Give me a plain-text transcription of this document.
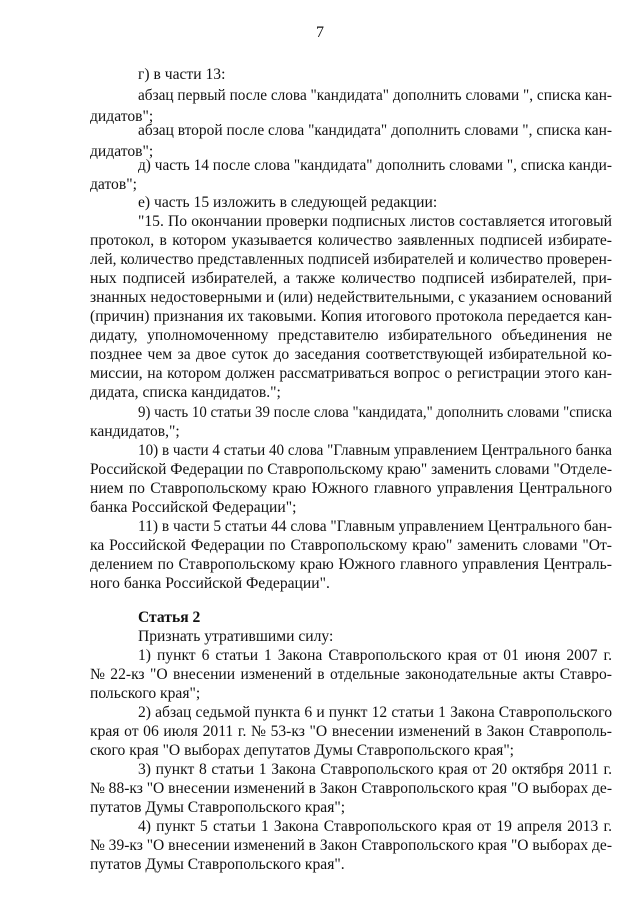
7
г) в части 13:
абзац первый после слова "кандидата" дополнить словами ", списка кан-
дидатов";
абзац второй после слова "кандидата" дополнить словами ", списка кан-
дидатов";
д) часть 14 после слова "кандидата" дополнить словами ", списка канди-
датов";
е) часть 15 изложить в следующей редакции:
"15. По окончании проверки подписных листов составляется итоговый
протокол, в котором указывается количество заявленных подписей избирате-
лей, количество представленных подписей избирателей и количество проверен-
ных подписей избирателей, а также количество подписей избирателей, при-
знанных недостоверными и (или) недействительными, с указанием оснований
(причин) признания их таковыми. Копия итогового протокола передается кан-
дидату, уполномоченному представителю избирательного объединения не
позднее чем за двое суток до заседания соответствующей избирательной ко-
миссии, на котором должен рассматриваться вопрос о регистрации этого кан-
дидата, списка кандидатов.";
9) часть 10 статьи 39 после слова "кандидата," дополнить словами "списка
кандидатов,";
10) в части 4 статьи 40 слова "Главным управлением Центрального банка
Российской Федерации по Ставропольскому краю" заменить словами "Отделе-
нием по Ставропольскому краю Южного главного управления Центрального
банка Российской Федерации";
11) в части 5 статьи 44 слова "Главным управлением Центрального бан-
ка Российской Федерации по Ставропольскому краю" заменить словами "От-
делением по Ставропольскому краю Южного главного управления Централь-
ного банка Российской Федерации".
Статья 2
Признать утратившими силу:
1) пункт 6 статьи 1 Закона Ставропольского края от 01 июня 2007 г.
№ 22-кз "О внесении изменений в отдельные законодательные акты Ставро-
польского края";
2) абзац седьмой пункта 6 и пункт 12 статьи 1 Закона Ставропольского
края от 06 июля 2011 г. № 53-кз "О внесении изменений в Закон Ставрополь-
ского края "О выборах депутатов Думы Ставропольского края";
3) пункт 8 статьи 1 Закона Ставропольского края от 20 октября 2011 г.
№ 88-кз "О внесении изменений в Закон Ставропольского края "О выборах де-
путатов Думы Ставропольского края";
4) пункт 5 статьи 1 Закона Ставропольского края от 19 апреля 2013 г.
№ 39-кз "О внесении изменений в Закон Ставропольского края "О выборах де-
путатов Думы Ставропольского края".
